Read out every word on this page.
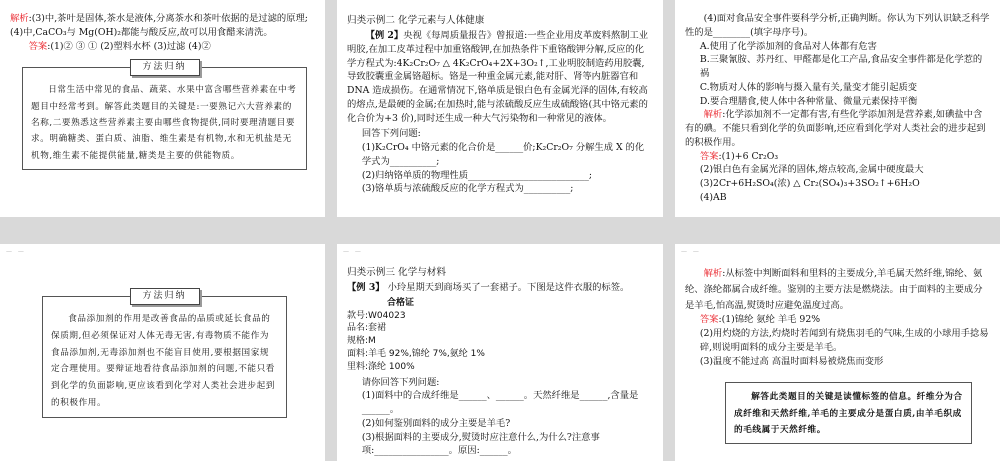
解析:(3)中,茶叶是固体,茶水是液体,分离茶水和茶叶依据的是过滤的原理;(4)中,CaCO₃与 Mg(OH)₂都能与酸反应,故可以用食醋来清洗。

答案:(1)② ③ ① (2)塑料水杯 (3)过滤 (4)②

方法归纳

日常生活中常见的食品、蔬菜、水果中富含哪些营养素在中考题目中经常考到。解答此类题目的关键是:一要熟记六大营养素的名称,二要熟悉这些营养素主要由哪些食物提供,同时要理清题目要求。明确糖类、蛋白质、油脂、维生素是有机物,水和无机盐是无机物,维生素不能提供能量,糖类是主要的供能物质。

归类示例二 化学元素与人体健康

【例 2】央视《每周质量报告》曾报道:一些企业用皮革废料熬制工业明胶,在加工皮革过程中加重铬酸钾,在加热条件下重铬酸钾分解,反应的化学方程式为:4K₂Cr₂O₇ △ 4K₂CrO₄+2X+3O₂↑,工业明胶制造药用胶囊,导致胶囊重金属铬超标。铬是一种重金属元素,能对肝、肾等内脏器官和 DNA 造成损伤。在通常情况下,铬单质是银白色有金属光泽的固体,有较高的熔点,是最硬的金属;在加热时,能与浓硫酸反应生成硫酸铬(其中铬元素的化合价为+3 价),同时还生成一种大气污染物和一种常见的液体。

回答下列问题:

(1)K₂CrO₄ 中铬元素的化合价是______价;K₂Cr₂O₇ 分解生成 X 的化学式为__________;

(2)归纳铬单质的物理性质__________________________;

(3)铬单质与浓硫酸反应的化学方程式为__________;

(4)面对食品安全事件要科学分析,正确判断。你认为下列认识缺乏科学性的是________(填字母序号)。

A.使用了化学添加剂的食品对人体都有危害

B.三聚氰胺、苏丹红、甲醛都是化工产品,食品安全事件都是化学惹的祸

C.物质对人体的影响与摄入量有关,量变才能引起质变

D.要合理膳食,使人体中各种常量、微量元素保持平衡

解析:化学添加剂不一定都有害,有些化学添加剂是营养素,如碘盐中含有的碘。不能只看到化学的负面影响,还应看到化学对人类社会的进步起到的积极作用。

答案:(1)+6 Cr₂O₃

(2)银白色有金属光泽的固体,熔点较高,金属中硬度最大

(3)2Cr+6H₂SO₄(浓) △ Cr₂(SO₄)₃+3SO₂↑+6H₂O

(4)AB

— —
方法归纳

食品添加剂的作用是改善食品的品质或延长食品的保质期,但必须保证对人体无毒无害,有毒物质不能作为食品添加剂,无毒添加剂也不能盲目使用,要根据国家规定合理使用。要辩证地看待食品添加剂的问题,不能只看到化学的负面影响,更应该看到化学对人类社会进步起到的积极作用。

— —

归类示例三 化学与材料

【例 3】 小玲星期天到商场买了一套裙子。下图是这件衣服的标签。

合格证
款号:W04023
品名:套裙
规格:M
面料:羊毛 92%,锦纶 7%,氨纶 1%
里料:涤纶 100%

请你回答下列问题:

(1)面料中的合成纤维是______、______。天然纤维是______,含量是______。

(2)如何鉴别面料的成分主要是羊毛?

(3)根据面料的主要成分,熨烫时应注意什么,为什么?注意事项:________________。原因:______。

— —

解析:从标签中判断面料和里料的主要成分,羊毛属天然纤维,锦纶、氨纶、涤纶都属合成纤维。鉴别的主要方法是燃烧法。由于面料的主要成分是羊毛,怕高温,熨烫时应避免温度过高。

答案:(1)锦纶 氨纶 羊毛 92%

(2)用灼烧的方法,灼烧时若闻到有烧焦羽毛的气味,生成的小球用手捻易碎,则说明面料的成分主要是羊毛。

(3)温度不能过高 高温时面料易被烧焦而变形

解答此类题目的关键是读懂标签的信息。纤维分为合成纤维和天然纤维,羊毛的主要成分是蛋白质,由羊毛织成的毛线属于天然纤维。
